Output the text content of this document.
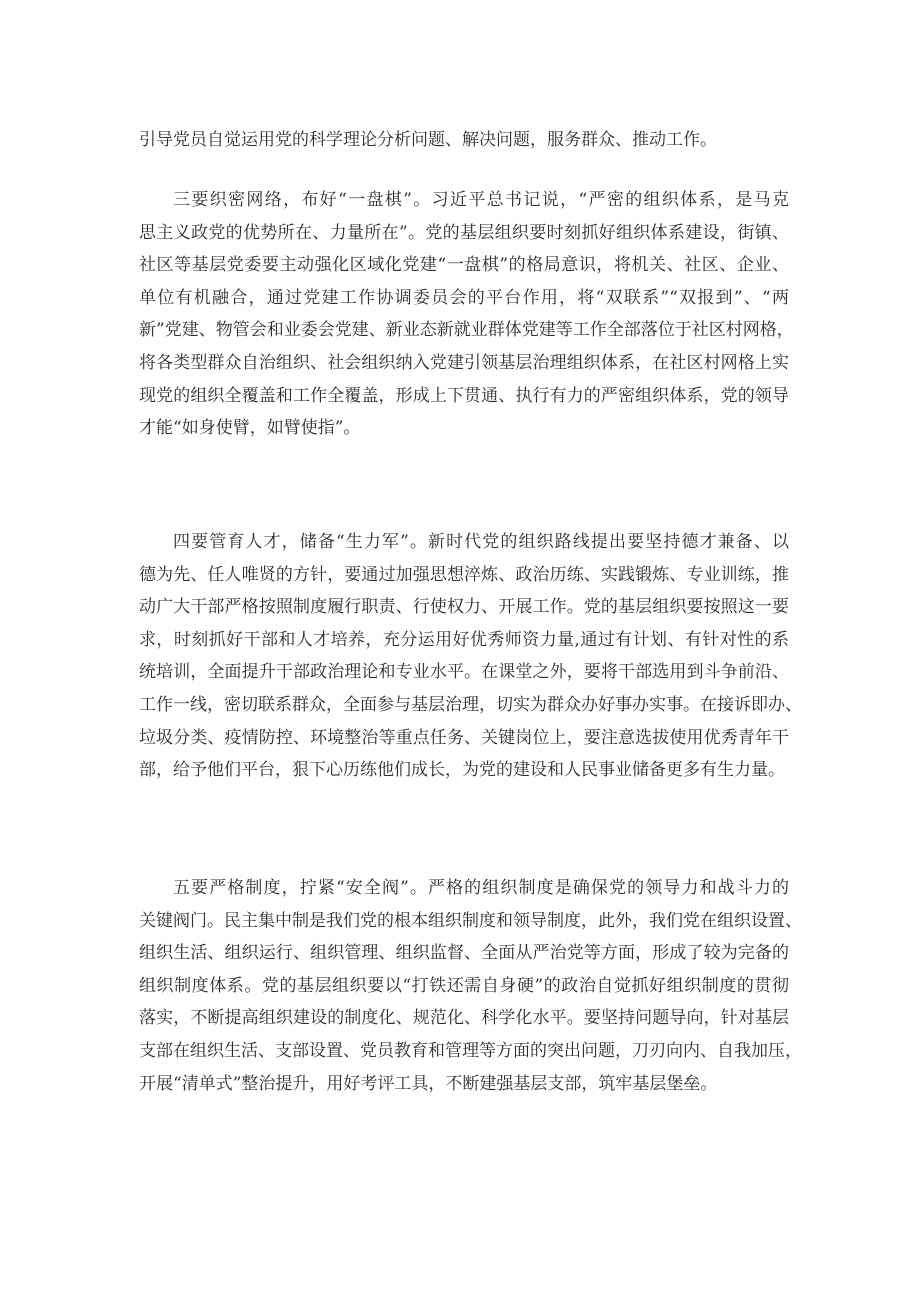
引导党员自觉运用党的科学理论分析问题、解决问题，服务群众、推动工作。
三要织密网络，布好“一盘棋”。习近平总书记说，“严密的组织体系，是马克
思主义政党的优势所在、力量所在”。党的基层组织要时刻抓好组织体系建设，街镇、
社区等基层党委要主动强化区域化党建“一盘棋”的格局意识，将机关、社区、企业、
单位有机融合，通过党建工作协调委员会的平台作用，将“双联系”“双报到”、“两
新”党建、物管会和业委会党建、新业态新就业群体党建等工作全部落位于社区村网格，
将各类型群众自治组织、社会组织纳入党建引领基层治理组织体系，在社区村网格上实
现党的组织全覆盖和工作全覆盖，形成上下贯通、执行有力的严密组织体系，党的领导
才能“如身使臂，如臂使指”。
四要管育人才，储备“生力军”。新时代党的组织路线提出要坚持德才兼备、以
德为先、任人唯贤的方针，要通过加强思想淬炼、政治历练、实践锻炼、专业训练，推
动广大干部严格按照制度履行职责、行使权力、开展工作。党的基层组织要按照这一要
求，时刻抓好干部和人才培养，充分运用好优秀师资力量,通过有计划、有针对性的系
统培训，全面提升干部政治理论和专业水平。在课堂之外，要将干部选用到斗争前沿、
工作一线，密切联系群众，全面参与基层治理，切实为群众办好事办实事。在接诉即办、
垃圾分类、疫情防控、环境整治等重点任务、关键岗位上，要注意选拔使用优秀青年干
部，给予他们平台，狠下心历练他们成长，为党的建设和人民事业储备更多有生力量。
五要严格制度，拧紧“安全阀”。严格的组织制度是确保党的领导力和战斗力的
关键阀门。民主集中制是我们党的根本组织制度和领导制度，此外，我们党在组织设置、
组织生活、组织运行、组织管理、组织监督、全面从严治党等方面，形成了较为完备的
组织制度体系。党的基层组织要以“打铁还需自身硬”的政治自觉抓好组织制度的贯彻
落实，不断提高组织建设的制度化、规范化、科学化水平。要坚持问题导向，针对基层
支部在组织生活、支部设置、党员教育和管理等方面的突出问题，刀刃向内、自我加压，
开展“清单式”整治提升，用好考评工具，不断建强基层支部，筑牢基层堡垒。
